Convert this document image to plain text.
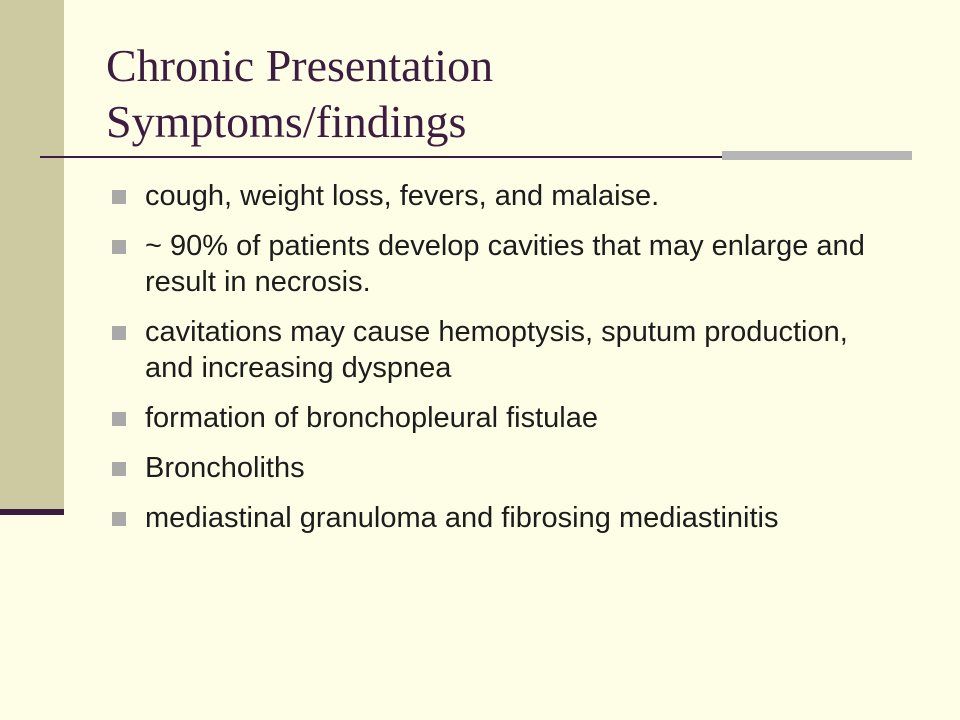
Chronic Presentation
Symptoms/findings
cough, weight loss, fevers, and malaise.
~ 90% of patients develop cavities that may enlarge and result in necrosis.
cavitations may cause hemoptysis, sputum production, and increasing dyspnea
formation of bronchopleural fistulae
Broncholiths
mediastinal granuloma and fibrosing mediastinitis
